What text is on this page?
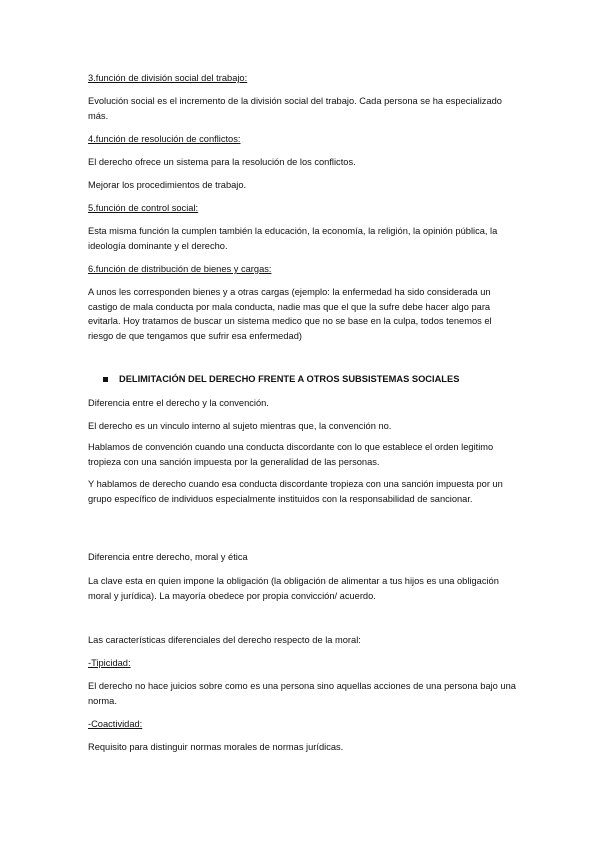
3.función de división social del trabajo:

Evolución social es el incremento de la división social del trabajo. Cada persona se ha especializado más.

4.función de resolución de conflictos:

El derecho ofrece un sistema para la resolución de los conflictos.

Mejorar los procedimientos de trabajo.

5.función de control social:

Esta misma función la cumplen también la educación, la economía, la religión, la opinión pública, la ideología dominante y el derecho.

6.función de distribución de bienes y cargas:

A unos les corresponden bienes y a otras cargas (ejemplo: la enfermedad ha sido considerada un castigo de mala conducta por mala conducta, nadie mas que el que la sufre debe hacer algo para evitarla. Hoy tratamos de buscar un sistema medico que no se base en la culpa, todos tenemos el riesgo de que tengamos que sufrir esa enfermedad)

DELIMITACIÓN DEL DERECHO FRENTE A OTROS SUBSISTEMAS SOCIALES

Diferencia entre el derecho y la convención.

El derecho es un vinculo interno al sujeto mientras que, la convención no.

Hablamos de convención cuando una conducta discordante con lo que establece el orden legitimo tropieza con una sanción impuesta por la generalidad de las personas.

Y hablamos de derecho cuando esa conducta discordante tropieza con una sanción impuesta por un grupo específico de individuos especialmente instituidos con la responsabilidad de sancionar.

Diferencia entre derecho, moral y ética

La clave esta en quien impone la obligación (la obligación de alimentar a tus hijos es una obligación moral y jurídica). La mayoría obedece por propia convicción/ acuerdo.

Las características diferenciales del derecho respecto de la moral:

-Tipicidad:

El derecho no hace juicios sobre como es una persona sino aquellas acciones de una persona bajo una norma.

-Coactividad:

Requisito para distinguir normas morales de normas jurídicas.
